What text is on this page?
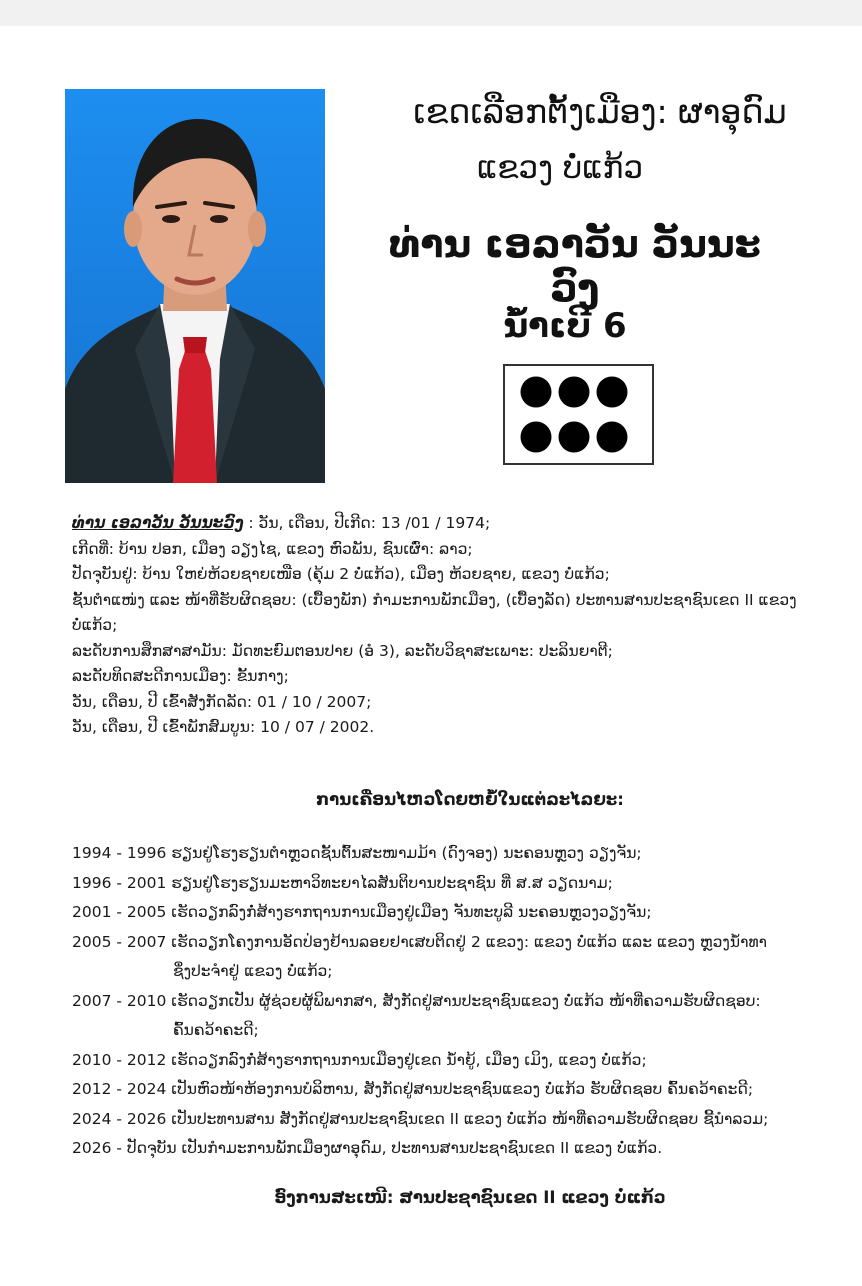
ເຂດເລືອກຕັ້ງເມືອງ: ຜາອຸດົມ
ແຂວງ ບໍ່ແກ້ວ
ທ່ານ ເອລາວັນ ວັນນະວົງ
ນໍ້າເບີ 6

ທ່ານ ເອລາວັນ ວັນນະວົງ : ວັນ, ເດືອນ, ປີເກີດ: 13 /01 / 1974;

ເກີດທີ່: ບ້ານ ປອກ, ເມືອງ ວຽງໄຊ, ແຂວງ ຫົວພັນ, ຊົນເຜົ່າ: ລາວ;

ປັດຈຸບັນຢູ່: ບ້ານ ໃຫຍ່ຫ້ວຍຊາຍເໜືອ (ຄຸ້ມ 2 ບໍ່ແກ້ວ), ເມືອງ ຫ້ວຍຊາຍ, ແຂວງ ບໍ່ແກ້ວ;

ຊັ້ນຕຳແໜ່ງ ແລະ ໜ້າທີ່ຮັບຜິດຊອບ: (ເບື້ອງພັກ) ກຳມະການພັກເມືອງ, (ເບື້ອງລັດ) ປະທານສານປະຊາຊົນເຂດ II ແຂວງ ບໍ່ແກ້ວ;

ລະດັບການສຶກສາສາມັນ: ມັດທະຍົມຕອນປາຍ (ອໍ 3), ລະດັບວິຊາສະເພາະ: ປະລິນຍາຕີ;

ລະດັບທິດສະດີການເມືອງ: ຂັ້ນກາງ;

ວັນ, ເດືອນ, ປີ ເຂົ້າສັງກັດລັດ: 01 / 10 / 2007;

ວັນ, ເດືອນ, ປີ ເຂົ້າພັກສົມບູນ: 10 / 07 / 2002.

ການເຄື່ອນໄຫວໂດຍຫຍໍ້ໃນແຕ່ລະໄລຍະ:
1994 - 1996 ຮຽນຢູ່ໂຮງຮຽນຕຳຫຼວດຊັ້ນຕົ້ນສະໜາມມ້າ (ດົງຈອງ) ນະຄອນຫຼວງ ວຽງຈັນ;
1996 - 2001 ຮຽນຢູ່ໂຮງຮຽນມະຫາວິທະຍາໄລສັນຕິບານປະຊາຊົນ ທີ່ ສ.ສ ວຽດນາມ;
2001 - 2005 ເຮັດວຽກລົງກໍ່ສ້າງຮາກຖານການເມືອງຢູ່ເມືອງ ຈັນທະບູລີ ນະຄອນຫຼວງວຽງຈັນ;
2005 - 2007 ເຮັດວຽກໂຄງການອັດປ່ອງຢ້ານລອຍຢາເສບຕິດຢູ່ 2 ແຂວງ: ແຂວງ ບໍ່ແກ້ວ ແລະ ແຂວງ ຫຼວງນໍ້າທາ
ຊຶ່ງປະຈຳຢູ່ ແຂວງ ບໍ່ແກ້ວ;
2007 - 2010 ເຮັດວຽກເປັນ ຜູ້ຊ່ວຍຜູ້ພິພາກສາ, ສັງກັດຢູ່ສານປະຊາຊົນແຂວງ ບໍ່ແກ້ວ ໜ້າທີ່ຄວາມຮັບຜິດຊອບ:
ຄົ້ນຄວ້າຄະດີ;
2010 - 2012 ເຮັດວຽກລົງກໍ່ສ້າງຮາກຖານການເມືອງຢູ່ເຂດ ນໍ້າຍູ້, ເມືອງ ເມິງ, ແຂວງ ບໍ່ແກ້ວ;
2012 - 2024 ເປັນຫົວໜ້າຫ້ອງການບໍລິຫານ, ສັງກັດຢູ່ສານປະຊາຊົນແຂວງ ບໍ່ແກ້ວ ຮັບຜິດຊອບ ຄົ້ນຄວ້າຄະດີ;
2024 - 2026 ເປັນປະທານສານ ສັງກັດຢູ່ສານປະຊາຊົນເຂດ II ແຂວງ ບໍ່ແກ້ວ ໜ້າທີ່ຄວາມຮັບຜິດຊອບ ຊີ້ນຳລວມ;
2026 - ປັດຈຸບັນ ເປັນກຳມະການພັກເມືອງຜາອຸດົມ, ປະທານສານປະຊາຊົນເຂດ II ແຂວງ ບໍ່ແກ້ວ.
ອົງການສະເໜີ: ສານປະຊາຊົນເຂດ II ແຂວງ ບໍ່ແກ້ວ
